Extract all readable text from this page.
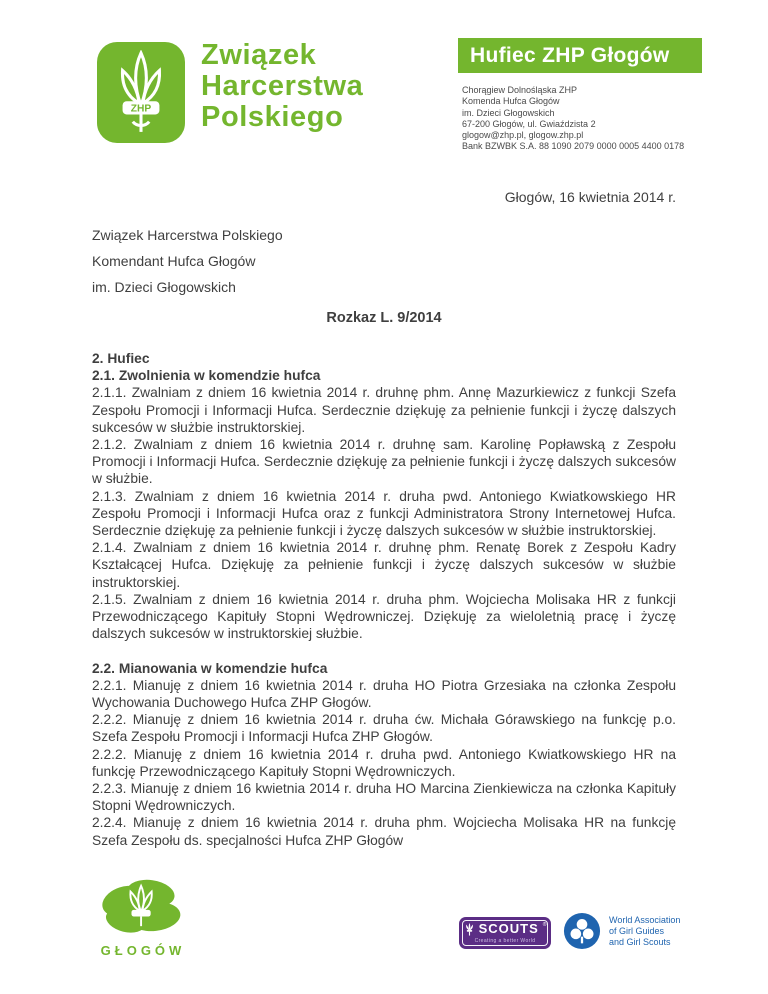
ZHP
Związek
Harcerstwa
Polskiego
Hufiec ZHP Głogów
Chorągiew Dolnośląska ZHP
Komenda Hufca Głogów
im. Dzieci Głogowskich
67-200 Głogów, ul. Gwiaździsta 2
glogow@zhp.pl, glogow.zhp.pl
Bank BZWBK S.A. 88 1090 2079 0000 0005 4400 0178
Głogów, 16 kwietnia 2014 r.
Związek Harcerstwa Polskiego
Komendant Hufca Głogów
im. Dzieci Głogowskich
Rozkaz L. 9/2014

2. Hufiec

2.1. Zwolnienia w komendzie hufca

2.1.1. Zwalniam z dniem 16 kwietnia 2014 r. druhnę phm. Annę Mazurkiewicz z funkcji Szefa Zespołu Promocji i Informacji Hufca. Serdecznie dziękuję za pełnienie funkcji i życzę dalszych sukcesów w służbie instruktorskiej.

2.1.2. Zwalniam z dniem 16 kwietnia 2014 r. druhnę sam. Karolinę Popławską z Zespołu Promocji i Informacji Hufca. Serdecznie dziękuję za pełnienie funkcji i życzę dalszych sukcesów w służbie.

2.1.3. Zwalniam z dniem 16 kwietnia 2014 r. druha pwd. Antoniego Kwiatkowskiego HR Zespołu Promocji i Informacji Hufca oraz z funkcji Administratora Strony Internetowej Hufca. Serdecznie dziękuję za pełnienie funkcji i życzę dalszych sukcesów w służbie instruktorskiej.

2.1.4. Zwalniam z dniem 16 kwietnia 2014 r. druhnę phm. Renatę Borek z Zespołu Kadry Kształcącej Hufca. Dziękuję za pełnienie funkcji i życzę dalszych sukcesów w służbie instruktorskiej.

2.1.5. Zwalniam z dniem 16 kwietnia 2014 r. druha phm. Wojciecha Molisaka HR z funkcji Przewodniczącego Kapituły Stopni Wędrowniczej. Dziękuję za wieloletnią pracę i życzę dalszych sukcesów w instruktorskiej służbie.

2.2. Mianowania w komendzie hufca

2.2.1. Mianuję z dniem 16 kwietnia 2014 r. druha HO Piotra Grzesiaka na członka Zespołu Wychowania Duchowego Hufca ZHP Głogów.

2.2.2. Mianuję z dniem 16 kwietnia 2014 r. druha ćw. Michała Górawskiego na funkcję p.o. Szefa Zespołu Promocji i Informacji Hufca ZHP Głogów.

2.2.2. Mianuję z dniem 16 kwietnia 2014 r. druha pwd. Antoniego Kwiatkowskiego HR na funkcję Przewodniczącego Kapituły Stopni Wędrowniczych.

2.2.3. Mianuję z dniem 16 kwietnia 2014 r. druha HO Marcina Zienkiewicza na członka Kapituły Stopni Wędrowniczych.

2.2.4. Mianuję z dniem 16 kwietnia 2014 r. druha phm. Wojciecha Molisaka HR na funkcję Szefa Zespołu ds. specjalności Hufca ZHP Głogów

GŁOGÓW
SCOUTS ®
Creating a better World
World Association
of Girl Guides
and Girl Scouts
